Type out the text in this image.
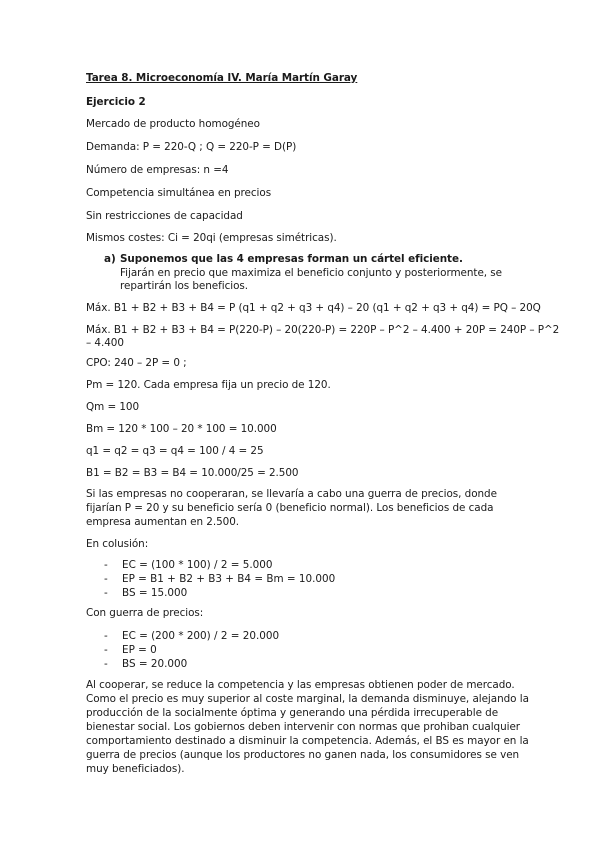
Tarea 8. Microeconomía IV. María Martín Garay
Ejercicio 2
Mercado de producto homogéneo
Demanda: P = 220-Q ; Q = 220-P = D(P)
Número de empresas: n =4
Competencia simultánea en precios
Sin restricciones de capacidad
Mismos costes: Ci = 20qi (empresas simétricas).
a) Suponemos que las 4 empresas forman un cártel eficiente.
Fijarán en precio que maximiza el beneficio conjunto y posteriormente, se
repartirán los beneficios.
Máx. B1 + B2 + B3 + B4 = P (q1 + q2 + q3 + q4) – 20 (q1 + q2 + q3 + q4) = PQ – 20Q
Máx. B1 + B2 + B3 + B4 = P(220-P) – 20(220-P) = 220P – P^2 – 4.400 + 20P = 240P – P^2
– 4.400
CPO: 240 – 2P = 0 ;
Pm = 120. Cada empresa fija un precio de 120.
Qm = 100
Bm = 120 * 100 – 20 * 100 = 10.000
q1 = q2 = q3 = q4 = 100 / 4 = 25
B1 = B2 = B3 = B4 = 10.000/25 = 2.500
Si las empresas no cooperaran, se llevaría a cabo una guerra de precios, donde
fijarían P = 20 y su beneficio sería 0 (beneficio normal). Los beneficios de cada
empresa aumentan en 2.500.
En colusión:
- EC = (100 * 100) / 2 = 5.000
- EP = B1 + B2 + B3 + B4 = Bm = 10.000
- BS = 15.000
Con guerra de precios:
- EC = (200 * 200) / 2 = 20.000
- EP = 0
- BS = 20.000
Al cooperar, se reduce la competencia y las empresas obtienen poder de mercado.
Como el precio es muy superior al coste marginal, la demanda disminuye, alejando la
producción de la socialmente óptima y generando una pérdida irrecuperable de
bienestar social. Los gobiernos deben intervenir con normas que prohiban cualquier
comportamiento destinado a disminuir la competencia. Además, el BS es mayor en la
guerra de precios (aunque los productores no ganen nada, los consumidores se ven
muy beneficiados).
